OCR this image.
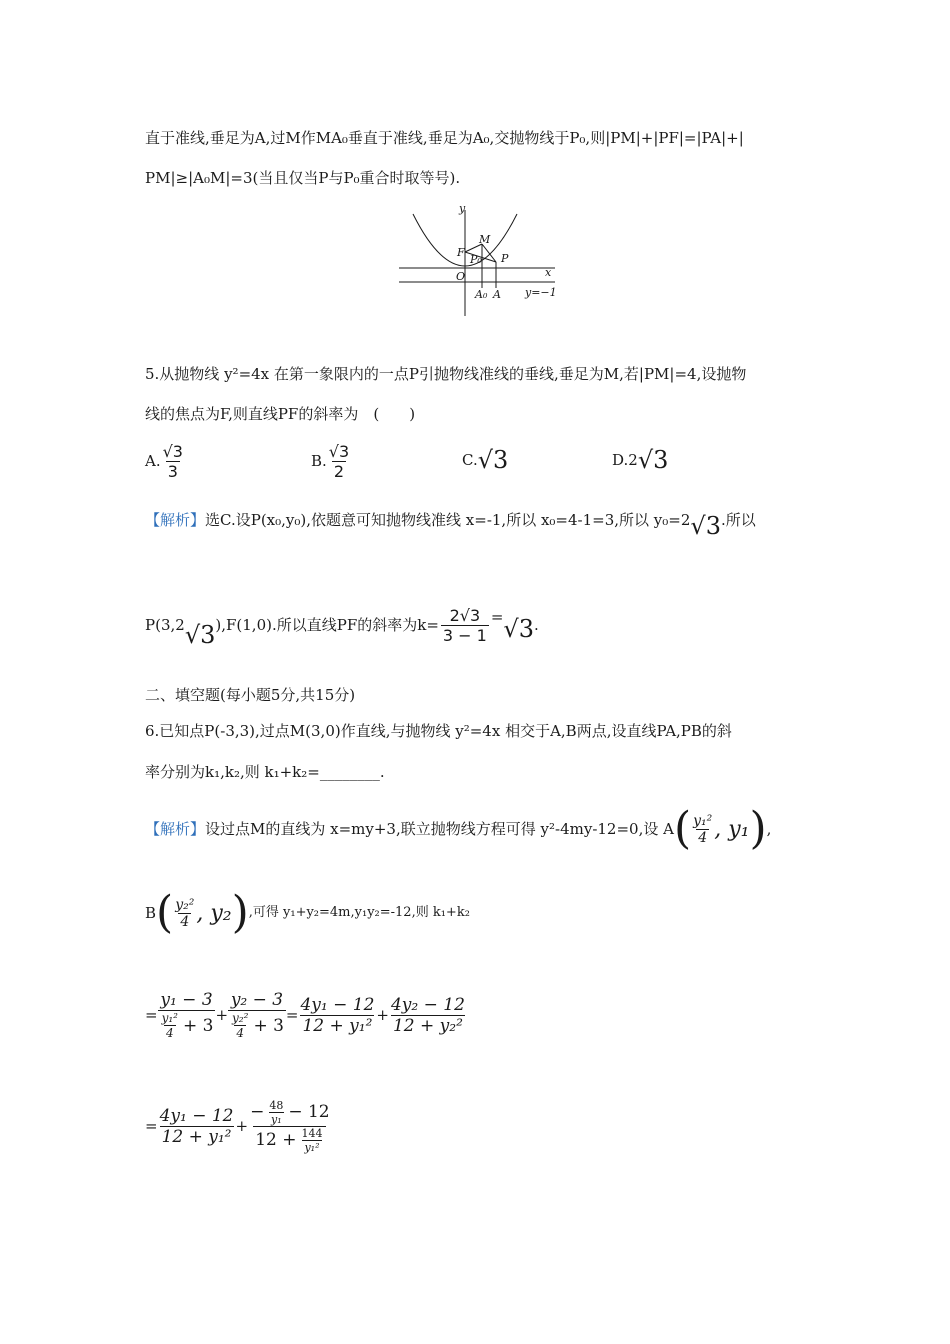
直于准线,垂足为A,过M作MA₀垂直于准线,垂足为A₀,交抛物线于P₀,则|PM|+|PF|=|PA|+|
PM|≥|A₀M|=3(当且仅当P与P₀重合时取等号).
y
x
O
F
M
P₀ P
A₀ A y=−1
5.从抛物线 y²=4x 在第一象限内的一点P引抛物线准线的垂线,垂足为M,若|PM|=4,设抛物
线的焦点为F,则直线PF的斜率为　(　　)
A. $\frac{√3}{3}$	B. $\frac{√3}{2}$	C. √3	D. 2 √3
【解析】 选C.设P(x₀,y₀),依题意可知抛物线准线 x=-1,所以 x₀=4-1=3,所以 y₀=2 √3 .所以
P(3,2 √3 ),F(1,0).所以直线PF的斜率为$k= \frac{2√3}{3 - 1} = √3$ .
二、填空题(每小题5分,共15分)
6.已知点P(-3,3),过点M(3,0)作直线,与抛物线 y²=4x 相交于A,B两点,设直线PA,PB的斜
率分别为k₁,k₂,则 k₁+k₂=________.
【解析】 设过点M的直线为 x=my+3,联立抛物线方程可得 y²-4my-12=0,设 A ( $\frac{\text{y₁²}}{4}$ , y₁ ) ,
B ( $\frac{\text{y₂²}}{4}$ , y₂ ) ,可得 y₁+y₂=4m,y₁y₂=-12,则 k₁+k₂
= $\frac{\text{y₁ − 3}}{\frac{\text{y₁²}}{4} + 3} + \frac{\text{y₂ − 3}}{\frac{\text{y₂²}}{4} + 3} = \frac{\text{4y₁ − 12}}{\text{12 + y₁²}} + \frac{\text{4y₂ − 12}}{\text{12 + y₂²}}$
= $\frac{\text{4y₁ − 12}}{\text{12 + y₁²}} + \frac{- \frac{48}{\text{y₁}} - 12}{12 + \frac{144}{\text{y₁²}}}$
